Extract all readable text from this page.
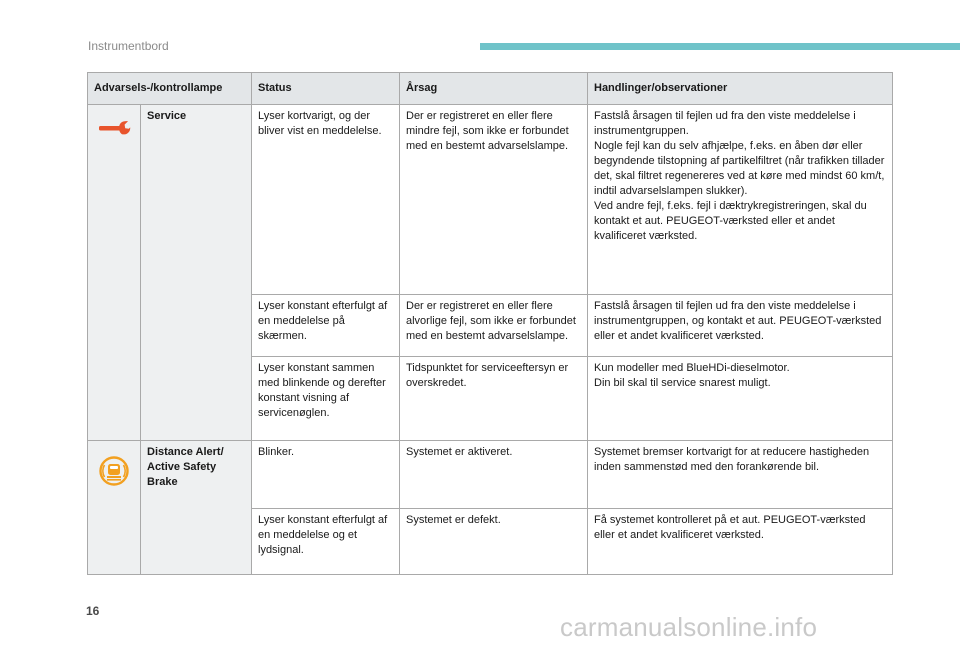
Instrumentbord
Advarsels-/kontrollampe		Status	Årsag	Handlinger/observationer
	Service	Lyser kortvarigt, og der bliver vist en meddelelse.	Der er registreret en eller flere mindre fejl, som ikke er forbundet med en bestemt advarselslampe.	Fastslå årsagen til fejlen ud fra den viste meddelelse i instrumentgruppen.
Nogle fejl kan du selv afhjælpe, f.eks. en åben dør eller begyndende tilstopning af partikelfiltret (når trafikken tillader det, skal filtret regenereres ved at køre med mindst 60 km/t, indtil advarselslampen slukker).
Ved andre fejl, f.eks. fejl i dæktrykregistreringen, skal du kontakt et aut. PEUGEOT-værksted eller et andet kvalificeret værksted.
		Lyser konstant efterfulgt af en meddelelse på skærmen.	Der er registreret en eller flere alvorlige fejl, som ikke er forbundet med en bestemt advarselslampe.	Fastslå årsagen til fejlen ud fra den viste meddelelse i instrumentgruppen, og kontakt et aut. PEUGEOT-værksted eller et andet kvalificeret værksted.
		Lyser konstant sammen med blinkende og derefter konstant visning af servicenøglen.	Tidspunktet for serviceeftersyn er overskredet.	Kun modeller med BlueHDi-dieselmotor.
Din bil skal til service snarest muligt.
	Distance Alert/ Active Safety Brake	Blinker.	Systemet er aktiveret.	Systemet bremser kortvarigt for at reducere hastigheden inden sammenstød med den forankørende bil.
		Lyser konstant efterfulgt af en meddelelse og et lydsignal.	Systemet er defekt.	Få systemet kontrolleret på et aut. PEUGEOT-værksted eller et andet kvalificeret værksted.
16
carmanualsonline.info
